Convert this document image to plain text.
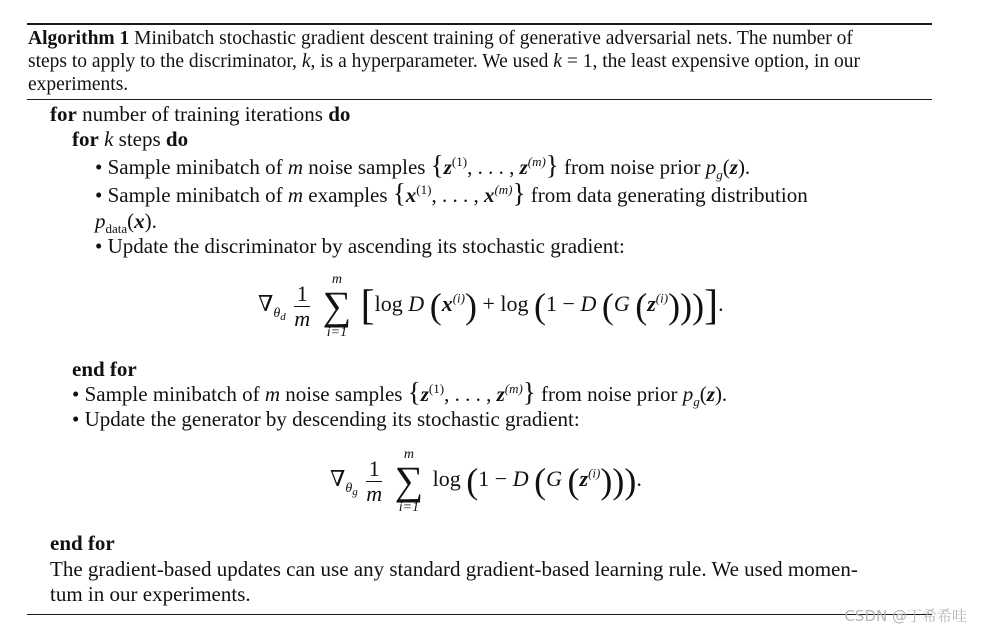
Algorithm 1 Minibatch stochastic gradient descent training of generative adversarial nets. The number of
steps to apply to the discriminator, k, is a hyperparameter. We used k = 1, the least expensive option, in our
experiments.
for number of training iterations do
for k steps do
• Sample minibatch of m noise samples {$z^{(1)}$, . . . , $z^{(m)}$} from noise prior $p_g(z)$.
• Sample minibatch of m examples {$x^{(1)}$, . . . , $x^{(m)}$} from data generating distribution
$p_{data}(x)$.
• Update the discriminator by ascending its stochastic gradient:
$\nabla_{\theta d} \frac{1}{m}$

m
∑
i=1
[log D $(x^{(i)}) + \log (1 - D$ (G $(z^{(i)})$))].
end for
• Sample minibatch of m noise samples {$z^{(1)}$, . . . , $z^{(m)}$} from noise prior $p_g(z)$.
• Update the generator by descending its stochastic gradient:
$\nabla_{\theta g} \frac{1}{m}$

m
∑
i=1
log (1 − D (G $(z^{(i)})$)).
end for
The gradient-based updates can use any standard gradient-based learning rule. We used momen-
tum in our experiments.
CSDN @丁希希哇
